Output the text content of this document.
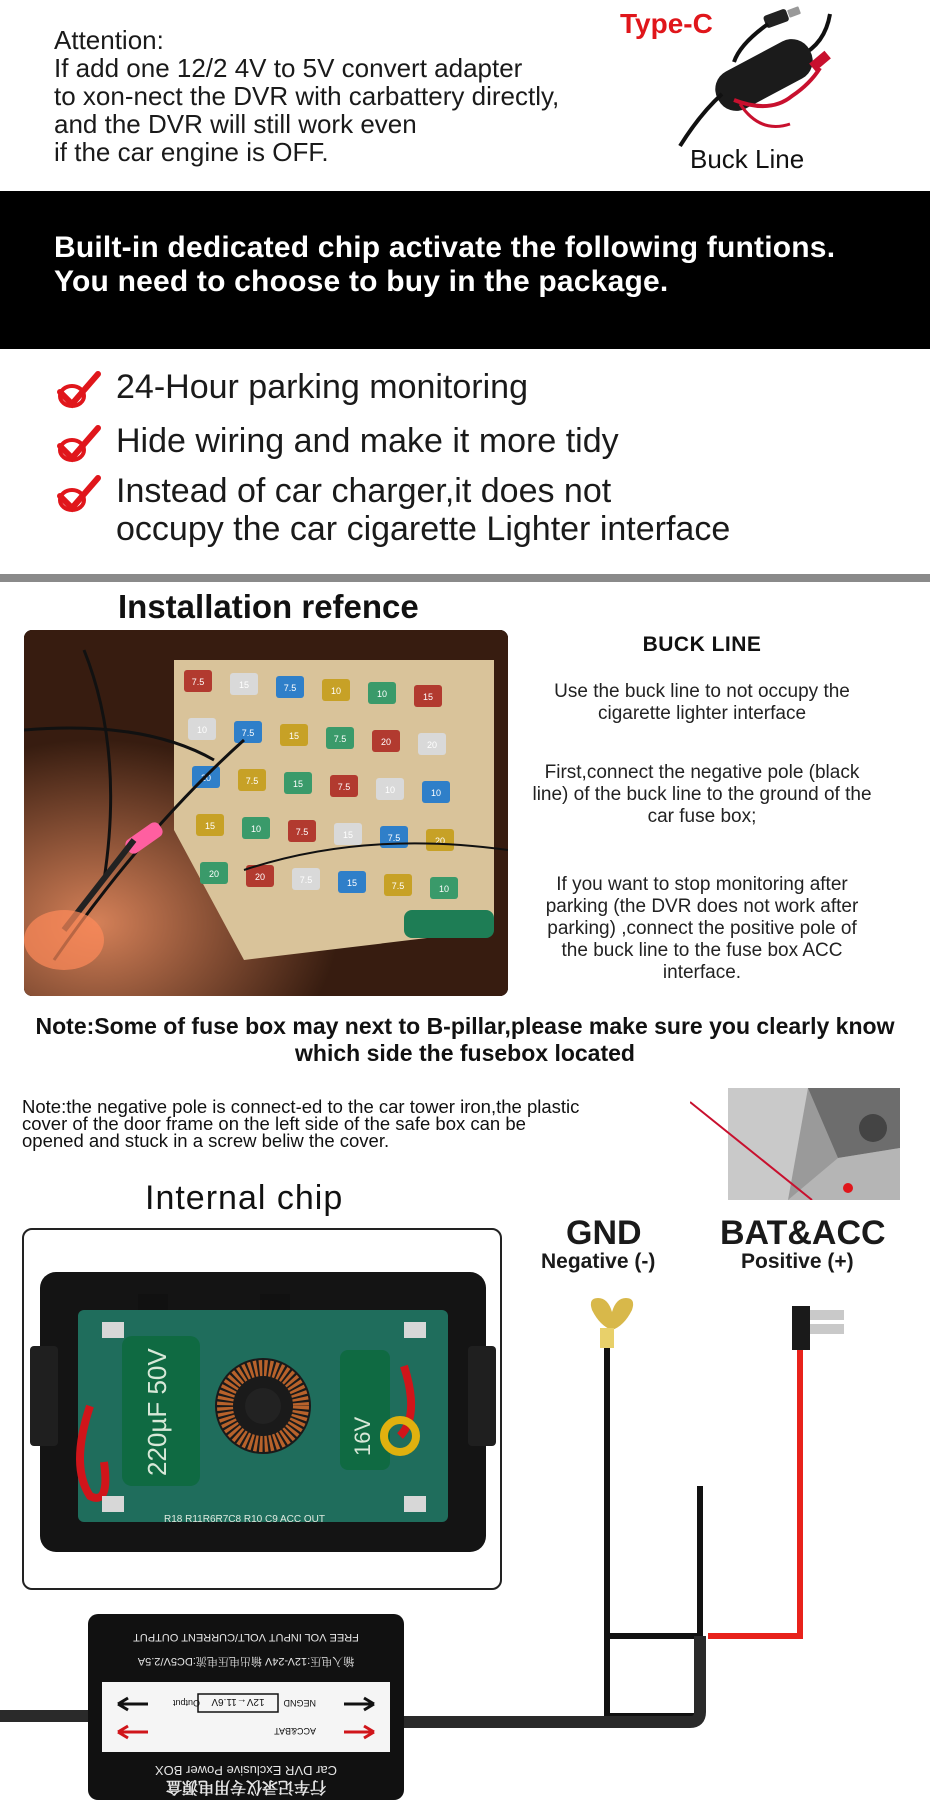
Attention:
If add one 12/2 4V to 5V convert adapter
to xon-nect the DVR with carbattery directly,
and the DVR will still work even
if the car engine is OFF.
Type-C
Buck Line
Built-in dedicated chip activate the following funtions.
You need to choose to buy in the package.
24-Hour parking monitoring
Hide wiring and make it more tidy
Instead of car charger,it does not
occupy the car cigarette Lighter interface
Installation refence
7.5	15	7.5	10	10	15
10	7.5	15	7.5	20	20
20	7.5	15	7.5	10	10
15	10	7.5	15	7.5	20
20	20	7.5	15	7.5	10
BUCK LINE
Use the buck line to not occupy the cigarette lighter interface
First,connect the negative pole (black line) of the buck line to the ground of the car fuse box;
If you want to stop monitoring after parking (the DVR does not work after parking) ,connect the positive pole of the buck line to the fuse box ACC interface.
Note:Some of fuse box may next to B-pillar,please make sure you clearly know which side the fusebox located
Note:the negative pole is connect-ed to the car tower iron,the plastic
cover of the door frame on the left side of the safe box can be
opened and stuck in a screw beliw the cover.
Internal chip
220µF 50V	16V
R18 R11R6R7C8 R10 C9 ACC OUT
GND
Negative (-)
BAT&ACC
Positive (+)
FREE VOL INPUT VOLT/CURRENT OUTPUT
输入电压:12V-24V 输出电压电流:DC5V/2.5A
Car DVR Exclusive Power BOX
行车记录仪专用电源盒
Output	NEGND
ACC&BAT
12V←11.6V
